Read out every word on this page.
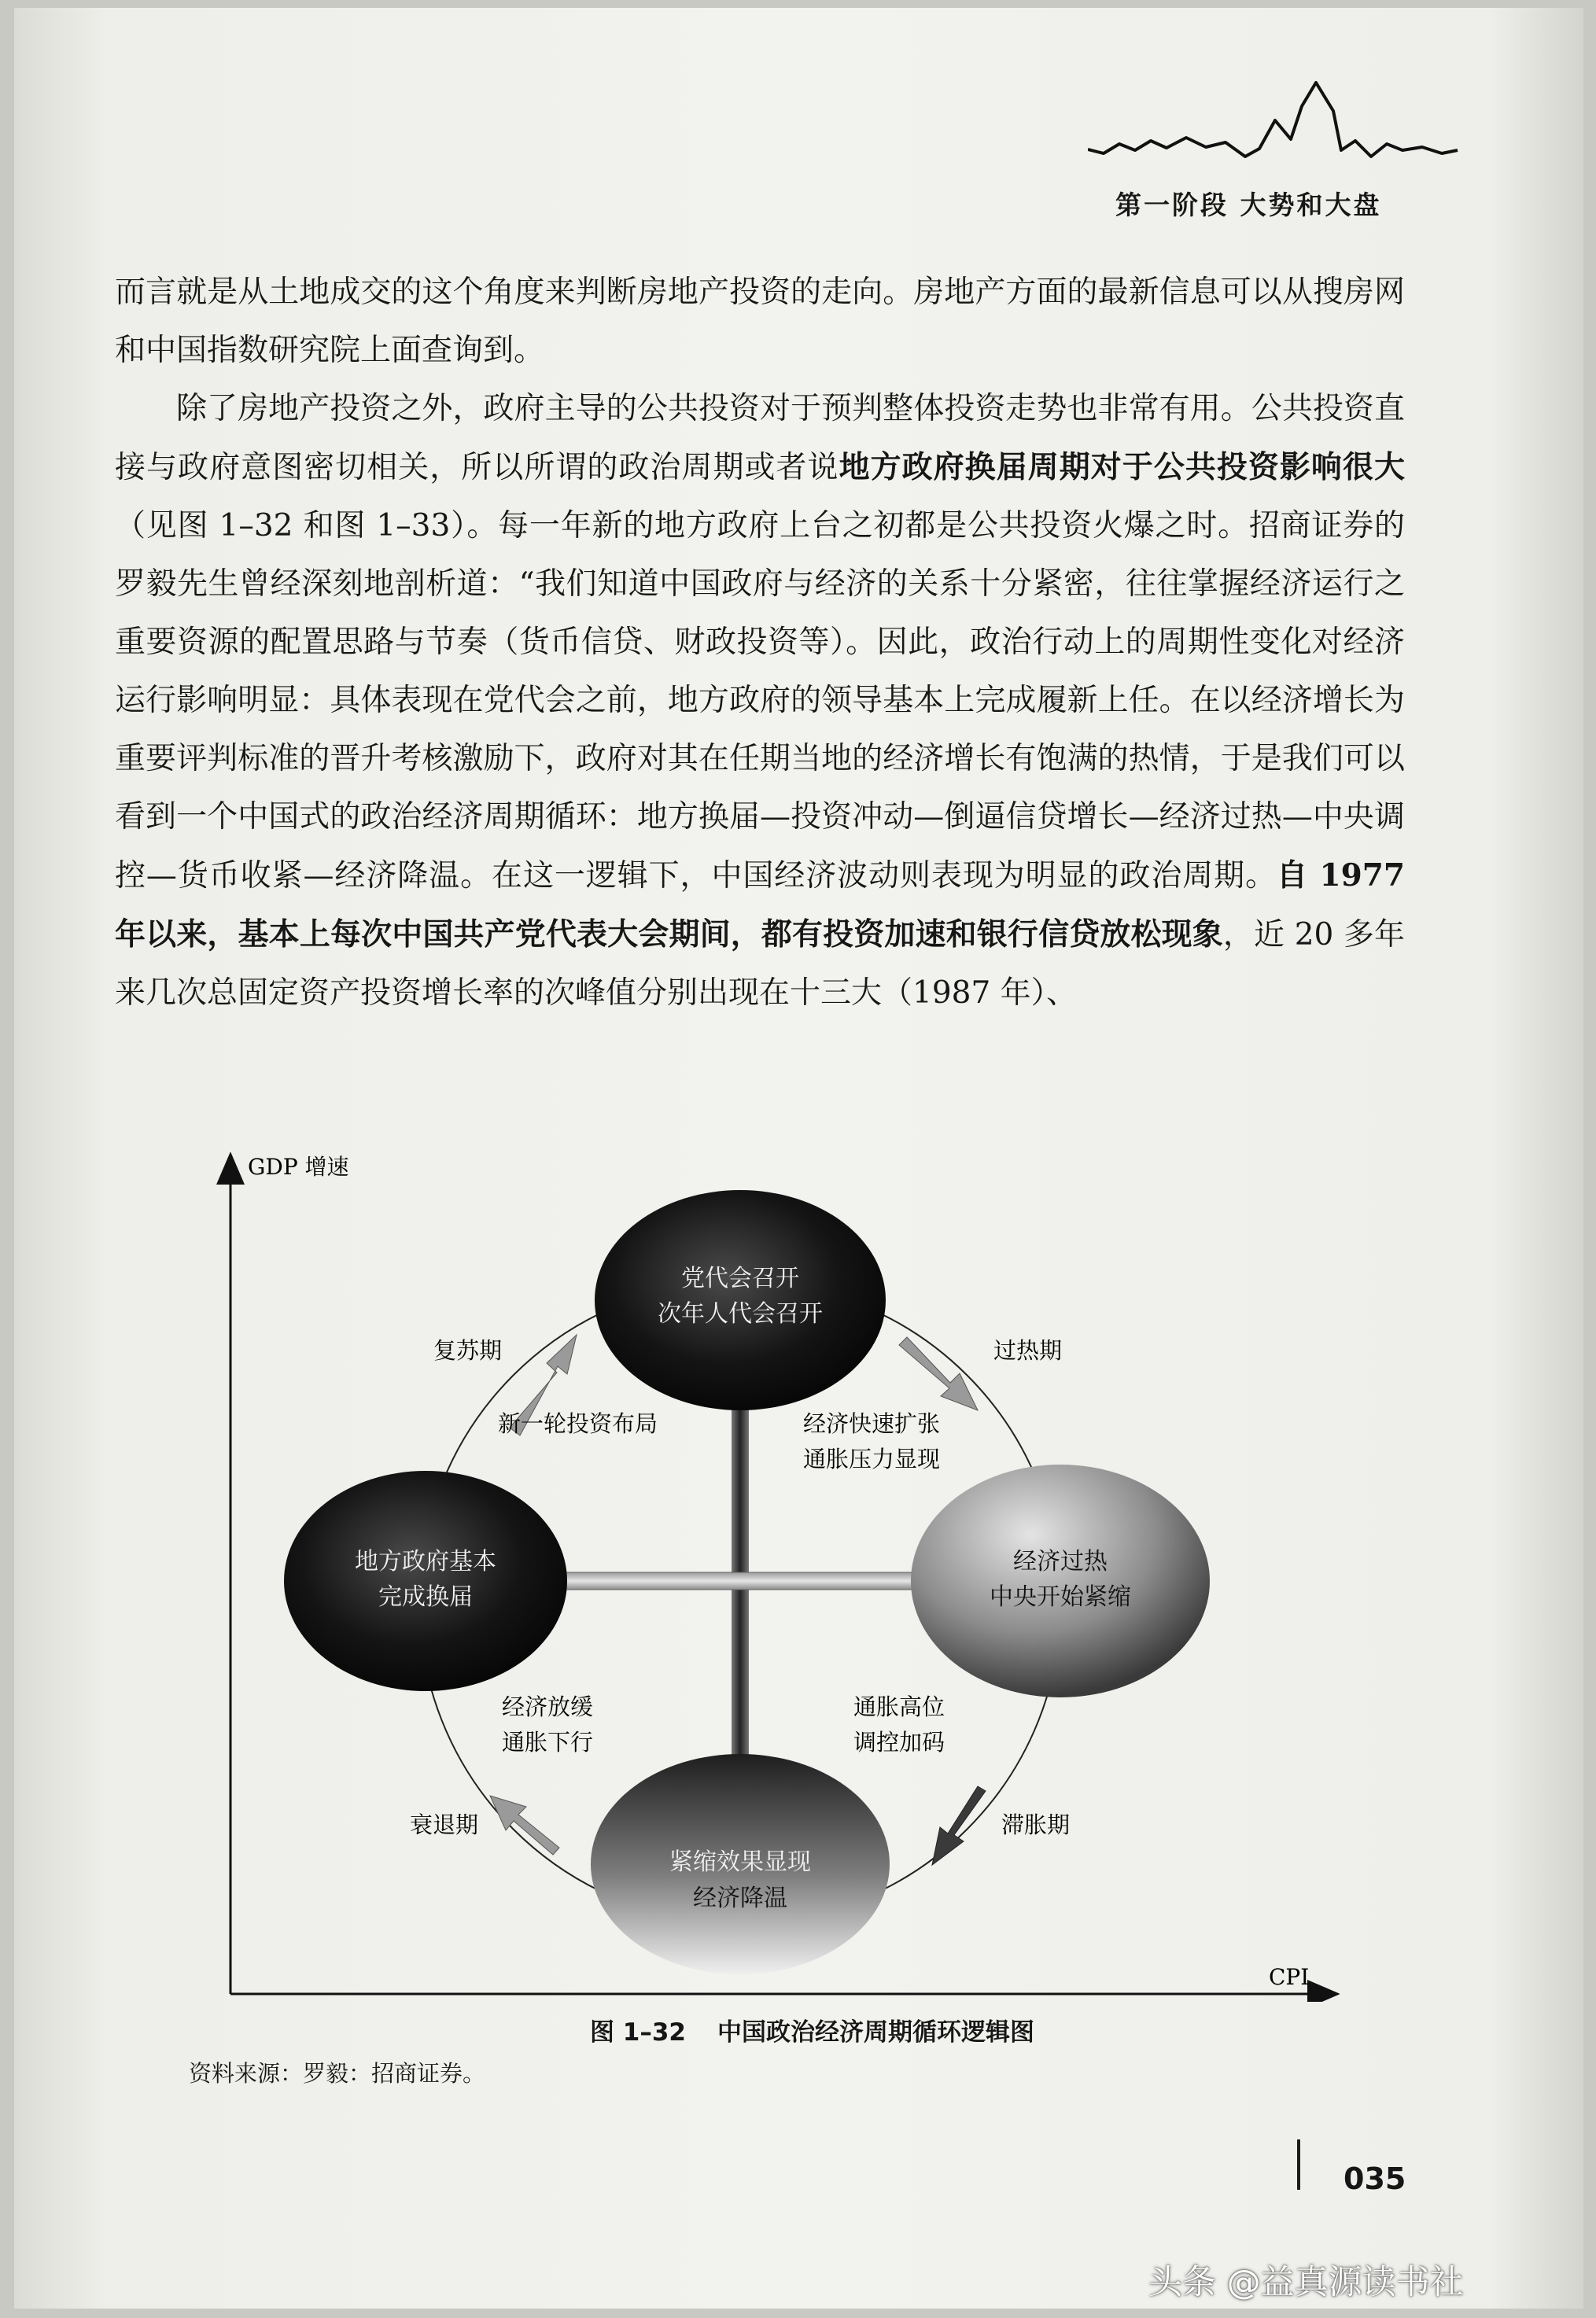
第一阶段 大势和大盘

而言就是从土地成交的这个角度来判断房地产投资的走向。房地产方面的最新信息可以从搜房网和中国指数研究院上面查询到。

除了房地产投资之外，政府主导的公共投资对于预判整体投资走势也非常有用。公共投资直接与政府意图密切相关，所以所谓的政治周期或者说地方政府换届周期对于公共投资影响很大（见图 1–32 和图 1–33）。每一年新的地方政府上台之初都是公共投资火爆之时。招商证券的罗毅先生曾经深刻地剖析道：“我们知道中国政府与经济的关系十分紧密，往往掌握经济运行之重要资源的配置思路与节奏（货币信贷、财政投资等）。因此，政治行动上的周期性变化对经济运行影响明显：具体表现在党代会之前，地方政府的领导基本上完成履新上任。在以经济增长为重要评判标准的晋升考核激励下，政府对其在任期当地的经济增长有饱满的热情，于是我们可以看到一个中国式的政治经济周期循环：地方换届—投资冲动—倒逼信贷增长—经济过热—中央调控—货币收紧—经济降温。在这一逻辑下，中国经济波动则表现为明显的政治周期。自 1977 年以来，基本上每次中国共产党代表大会期间，都有投资加速和银行信贷放松现象，近 20 多年来几次总固定资产投资增长率的次峰值分别出现在十三大（1987 年）、

GDP 增速
CPI
党代会召开
次年人代会召开
地方政府基本
完成换届
经济过热
中央开始紧缩
紧缩效果显现
经济降温
复苏期	过热期
滞胀期
衰退期
新一轮投资布局	经济快速扩张
通胀压力显现
通胀高位
调控加码
经济放缓
通胀下行
图 1–32 中国政治经济周期循环逻辑图
资料来源：罗毅：招商证券。
035
头条 @益真源读书社
